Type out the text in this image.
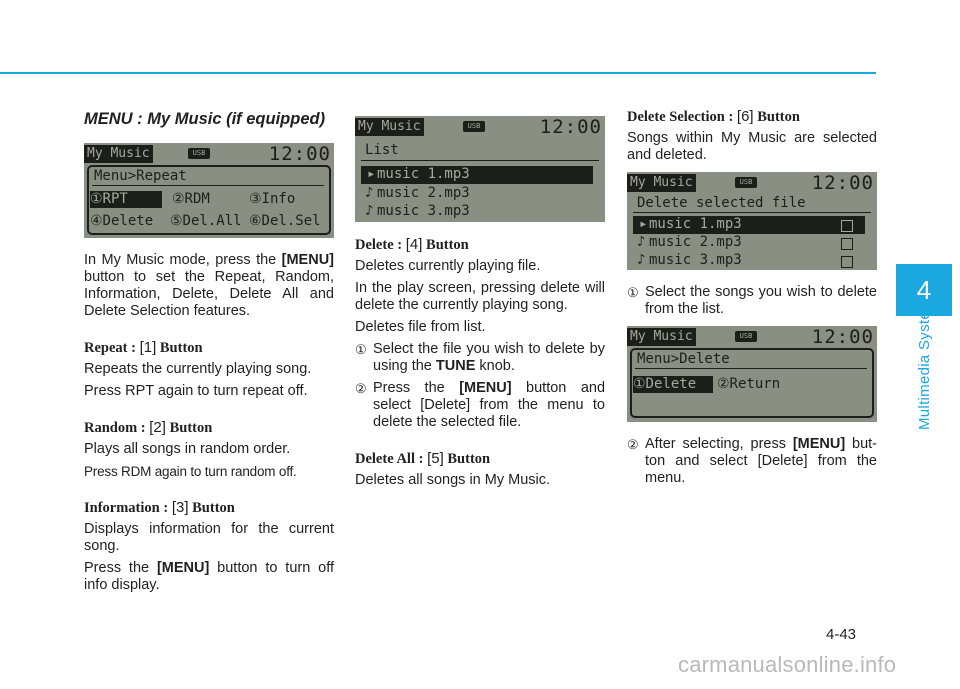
4
Multimedia System
4-43
carmanualsonline.info
MENU : My Music (if equipped)
My Music	USB	12:00
Menu>Repeat
①RPT	②RDM	③Info
④Delete ⑤Del.All ⑥Del.Sel

In My Music mode, press the [MENU] button to set the Repeat, Random, Information, Delete, Delete All and Delete Selection features.

Repeat : [1] Button

Repeats the currently playing song.

Press RPT again to turn repeat off.

Random : [2] Button

Plays all songs in random order.

Press RDM again to turn random off.

Information : [3] Button

Displays information for the current song.

Press the [MENU] button to turn off info display.

My Music	USB	12:00
List
▸ music 1.mp3
♪ music 2.mp3
♪ music 3.mp3
Delete : [4] Button

Deletes currently playing file.

In the play screen, pressing delete will delete the currently playing song.

Deletes file from list.

① Select the file you wish to delete by using the TUNE knob.
② Press the [MENU] button and select [Delete] from the menu to delete the selected file.
Delete All : [5] Button

Deletes all songs in My Music.

Delete Selection : [6] Button

Songs within My Music are selected and deleted.

My Music	USB	12:00
Delete selected file
▸ music 1.mp3
♪ music 2.mp3
♪ music 3.mp3
① Select the songs you wish to delete from the list.
My Music	USB	12:00
Menu>Delete
①Delete	②Return
② After selecting, press [MENU] but- ton and select [Delete] from the menu.
